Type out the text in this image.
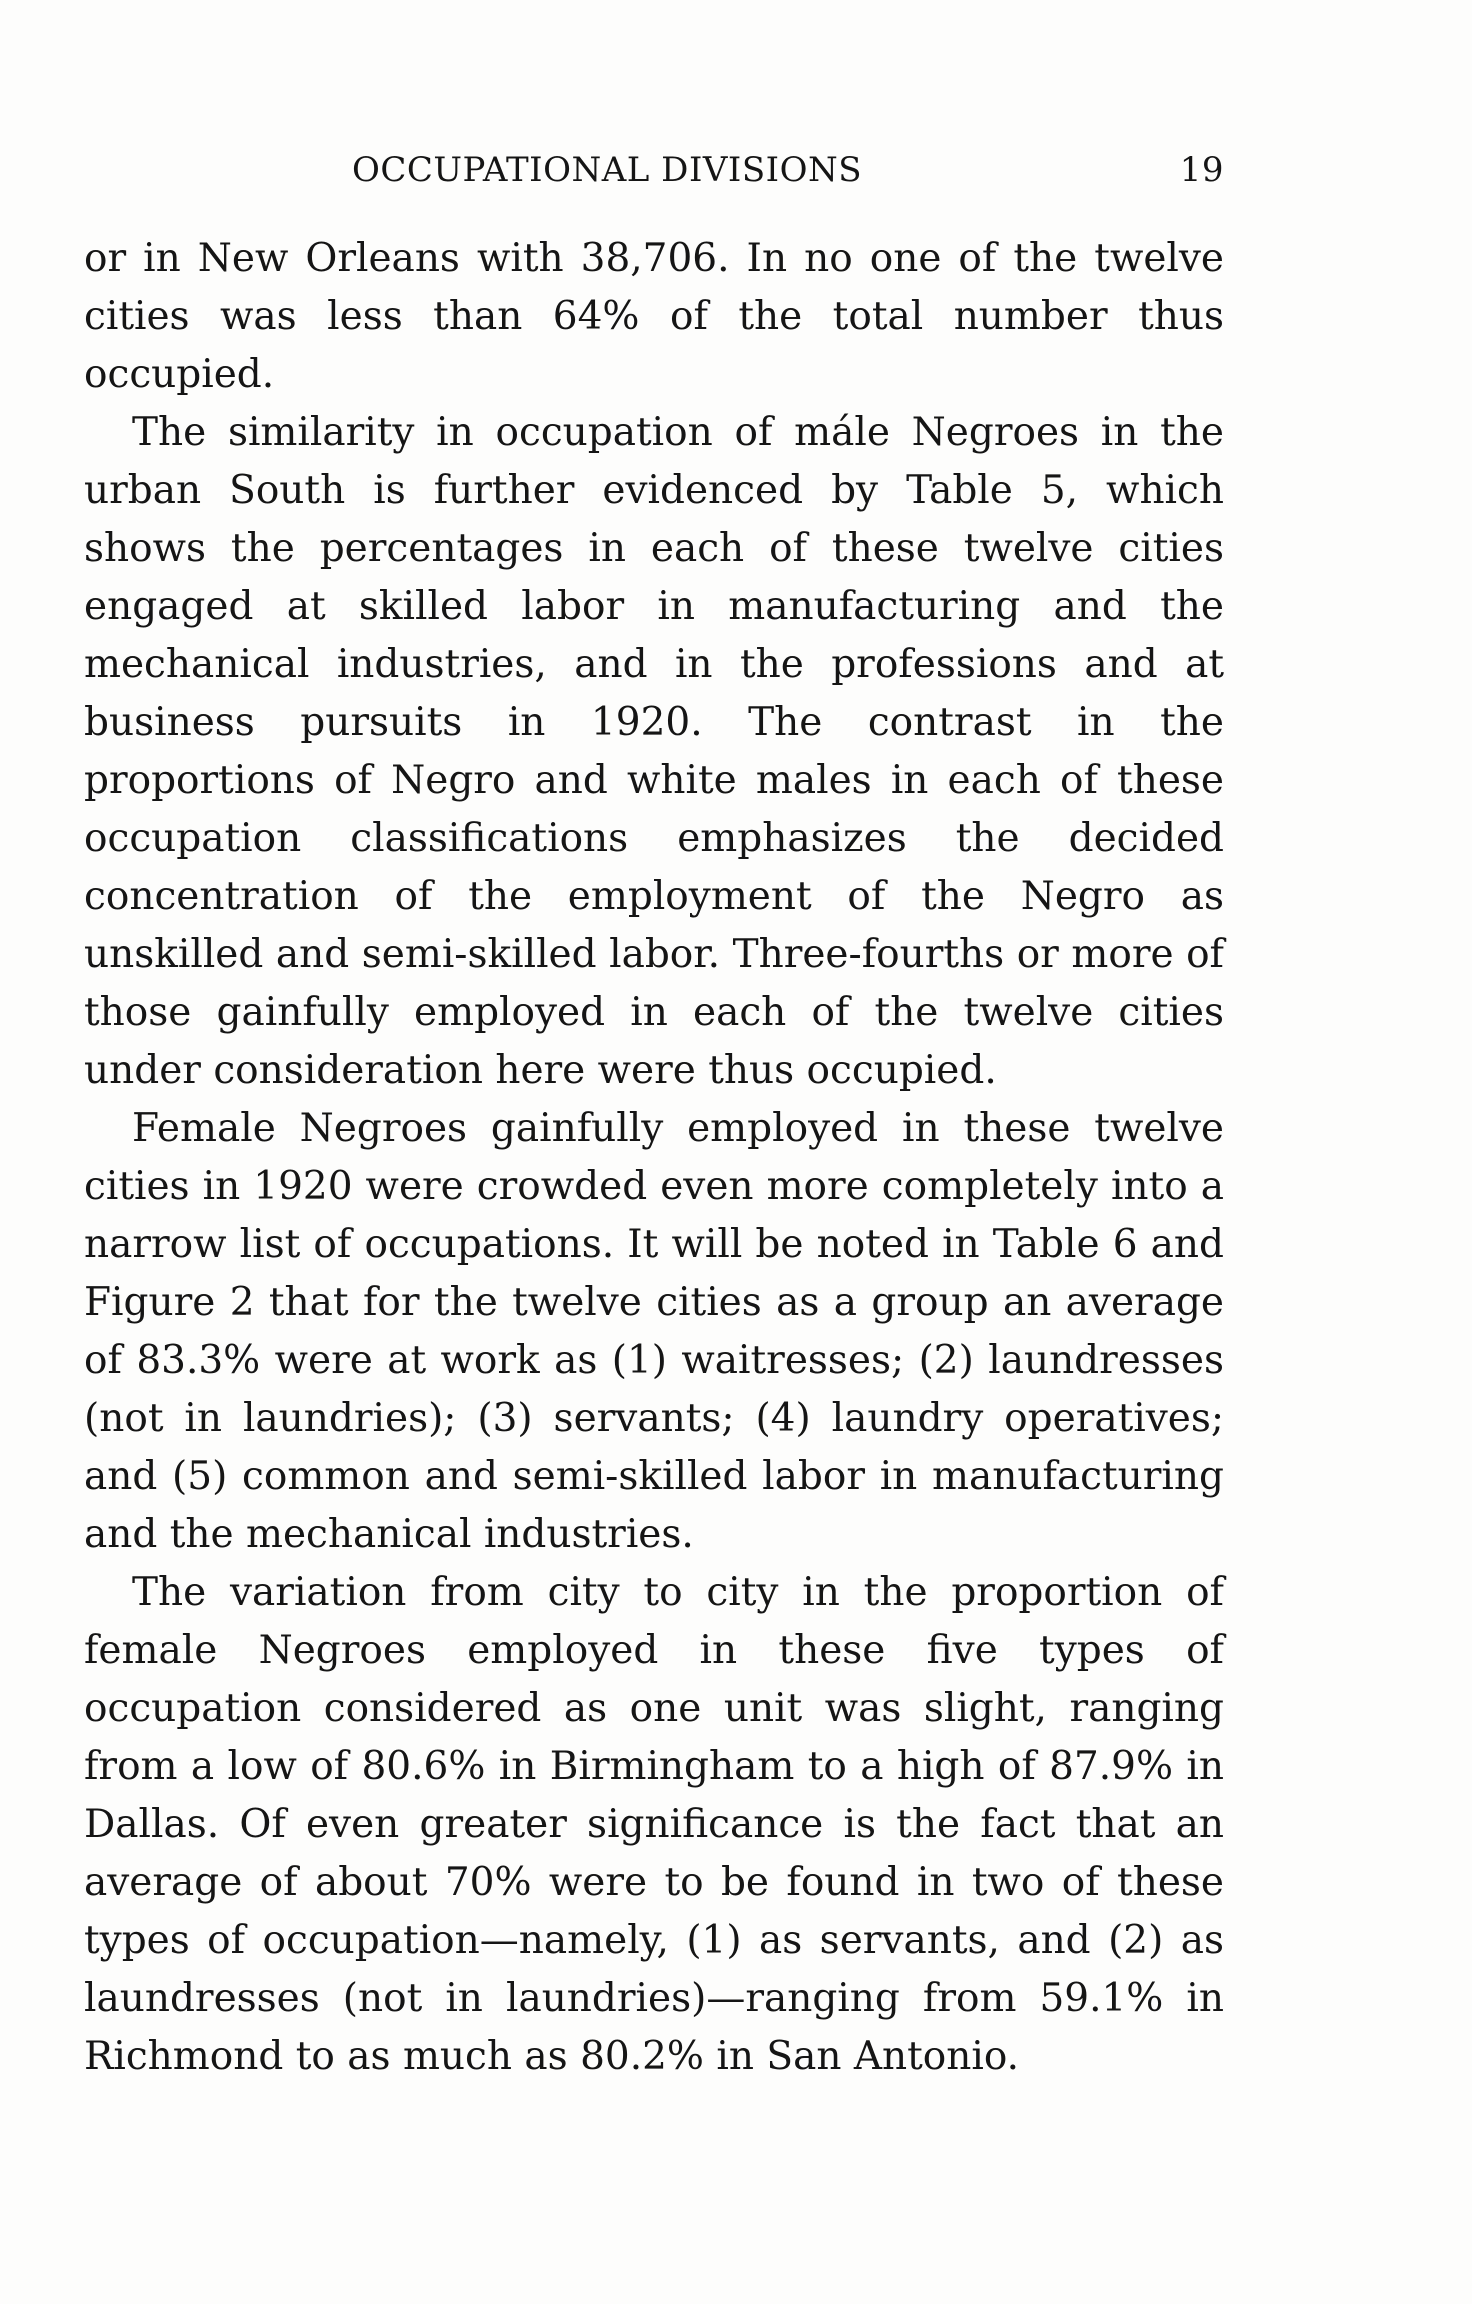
OCCUPATIONAL DIVISIONS	19

or in New Orleans with 38,706. In no one of the twelve cities was less than 64% of the total number thus occupied.

The similarity in occupation of mále Negroes in the urban South is further evidenced by Table 5, which shows the percentages in each of these twelve cities engaged at skilled labor in manufacturing and the mechanical industries, and in the professions and at business pursuits in 1920. The contrast in the proportions of Negro and white males in each of these occupation classifications emphasizes the decided concentration of the employment of the Negro as unskilled and semi-skilled labor. Three-fourths or more of those gainfully employed in each of the twelve cities under consideration here were thus occupied.

Female Negroes gainfully employed in these twelve cities in 1920 were crowded even more completely into a narrow list of occupations. It will be noted in Table 6 and Figure 2 that for the twelve cities as a group an average of 83.3% were at work as (1) waitresses; (2) laundresses (not in laundries); (3) servants; (4) laundry operatives; and (5) common and semi-skilled labor in manufacturing and the mechanical industries.

The variation from city to city in the proportion of female Negroes employed in these five types of occupation considered as one unit was slight, ranging from a low of 80.6% in Birmingham to a high of 87.9% in Dallas. Of even greater significance is the fact that an average of about 70% were to be found in two of these types of occupation—namely, (1) as servants, and (2) as laundresses (not in laundries)—ranging from 59.1% in Richmond to as much as 80.2% in San Antonio.
